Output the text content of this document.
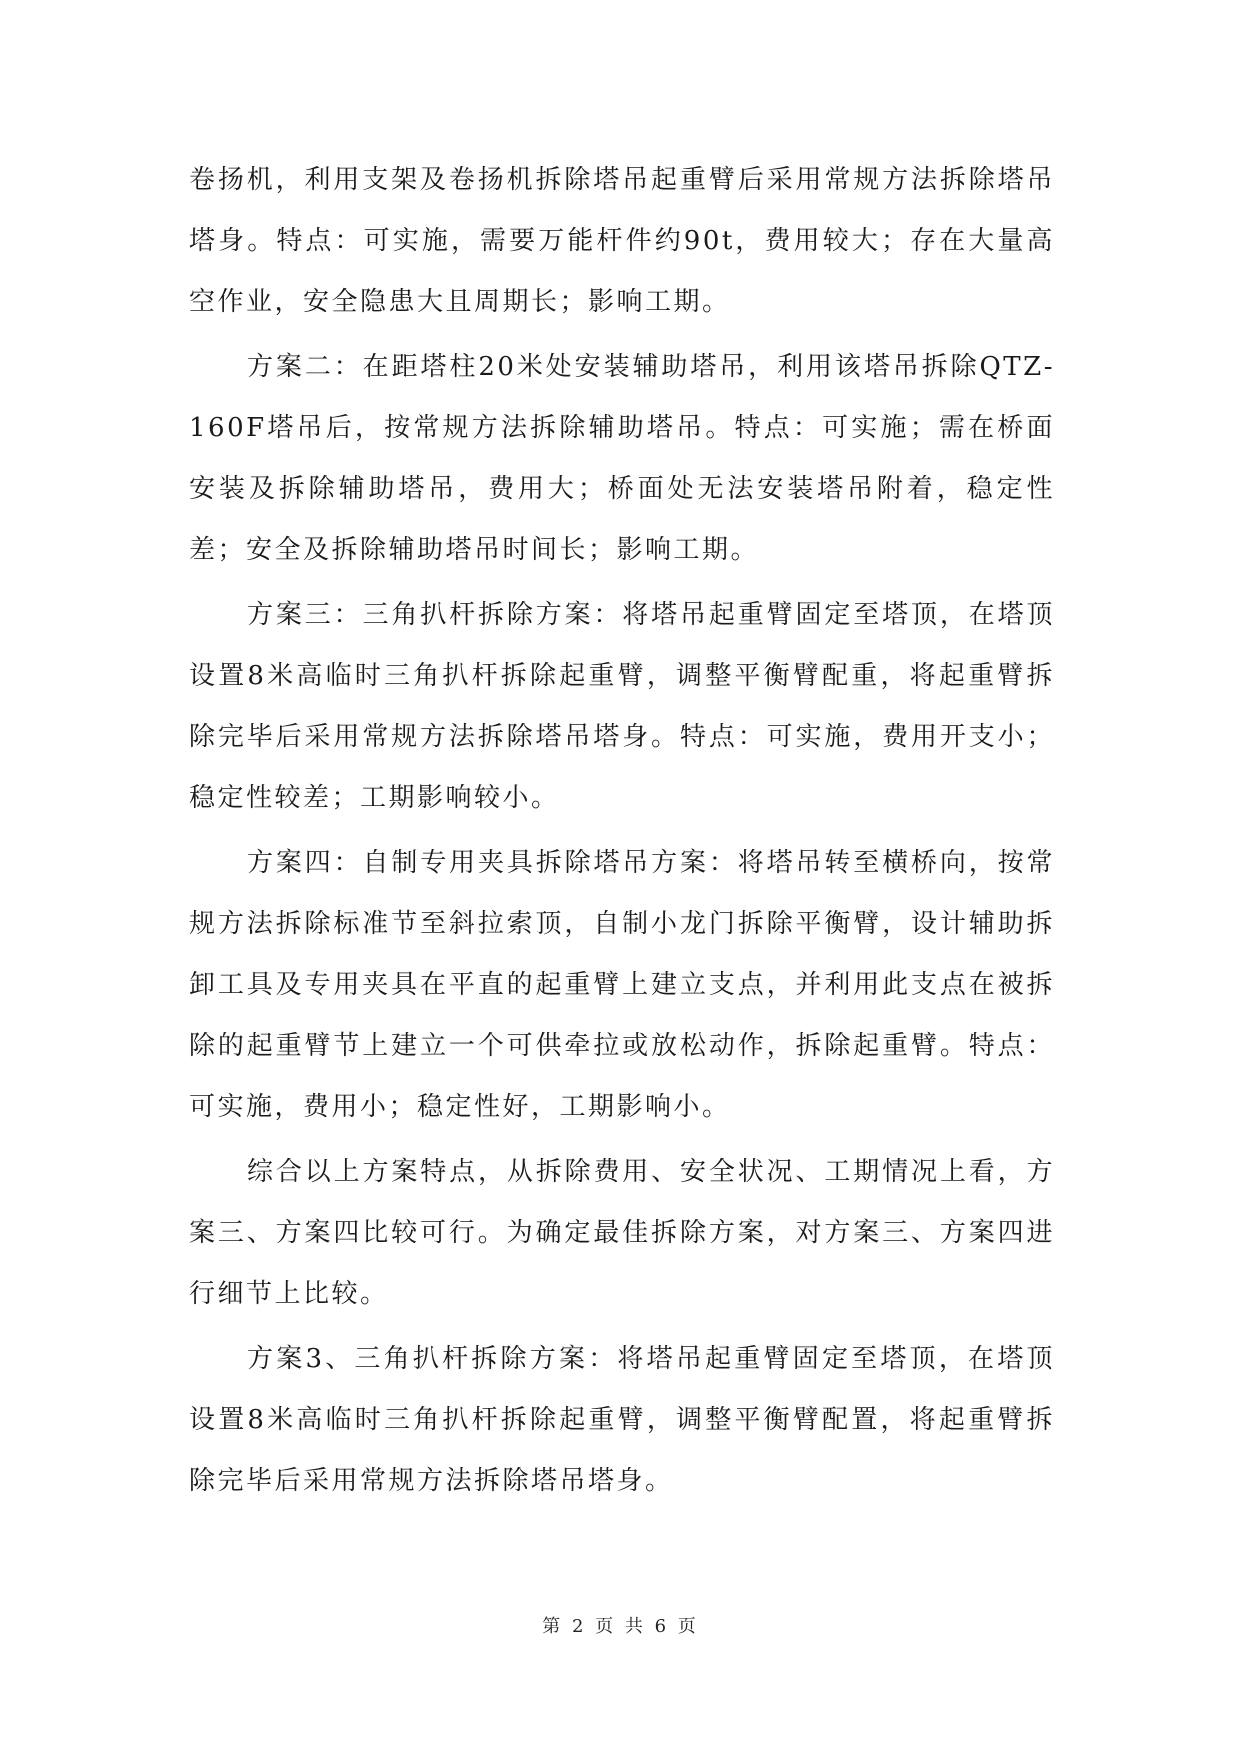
卷扬机，利用支架及卷扬机拆除塔吊起重臂后采用常规方法拆除塔吊塔身。特点：可实施，需要万能杆件约90t，费用较大；存在大量高空作业，安全隐患大且周期长；影响工期。

方案二：在距塔柱20米处安装辅助塔吊，利用该塔吊拆除QTZ-160F塔吊后，按常规方法拆除辅助塔吊。特点：可实施；需在桥面安装及拆除辅助塔吊，费用大；桥面处无法安装塔吊附着，稳定性差；安全及拆除辅助塔吊时间长；影响工期。

方案三：三角扒杆拆除方案：将塔吊起重臂固定至塔顶，在塔顶设置8米高临时三角扒杆拆除起重臂，调整平衡臂配重，将起重臂拆除完毕后采用常规方法拆除塔吊塔身。特点：可实施，费用开支小；稳定性较差；工期影响较小。

方案四：自制专用夹具拆除塔吊方案：将塔吊转至横桥向，按常规方法拆除标准节至斜拉索顶，自制小龙门拆除平衡臂，设计辅助拆卸工具及专用夹具在平直的起重臂上建立支点，并利用此支点在被拆除的起重臂节上建立一个可供牵拉或放松动作，拆除起重臂。特点：可实施，费用小；稳定性好，工期影响小。

综合以上方案特点，从拆除费用、安全状况、工期情况上看，方案三、方案四比较可行。为确定最佳拆除方案，对方案三、方案四进行细节上比较。

方案3、三角扒杆拆除方案：将塔吊起重臂固定至塔顶，在塔顶设置8米高临时三角扒杆拆除起重臂，调整平衡臂配置，将起重臂拆除完毕后采用常规方法拆除塔吊塔身。

第 2 页 共 6 页
